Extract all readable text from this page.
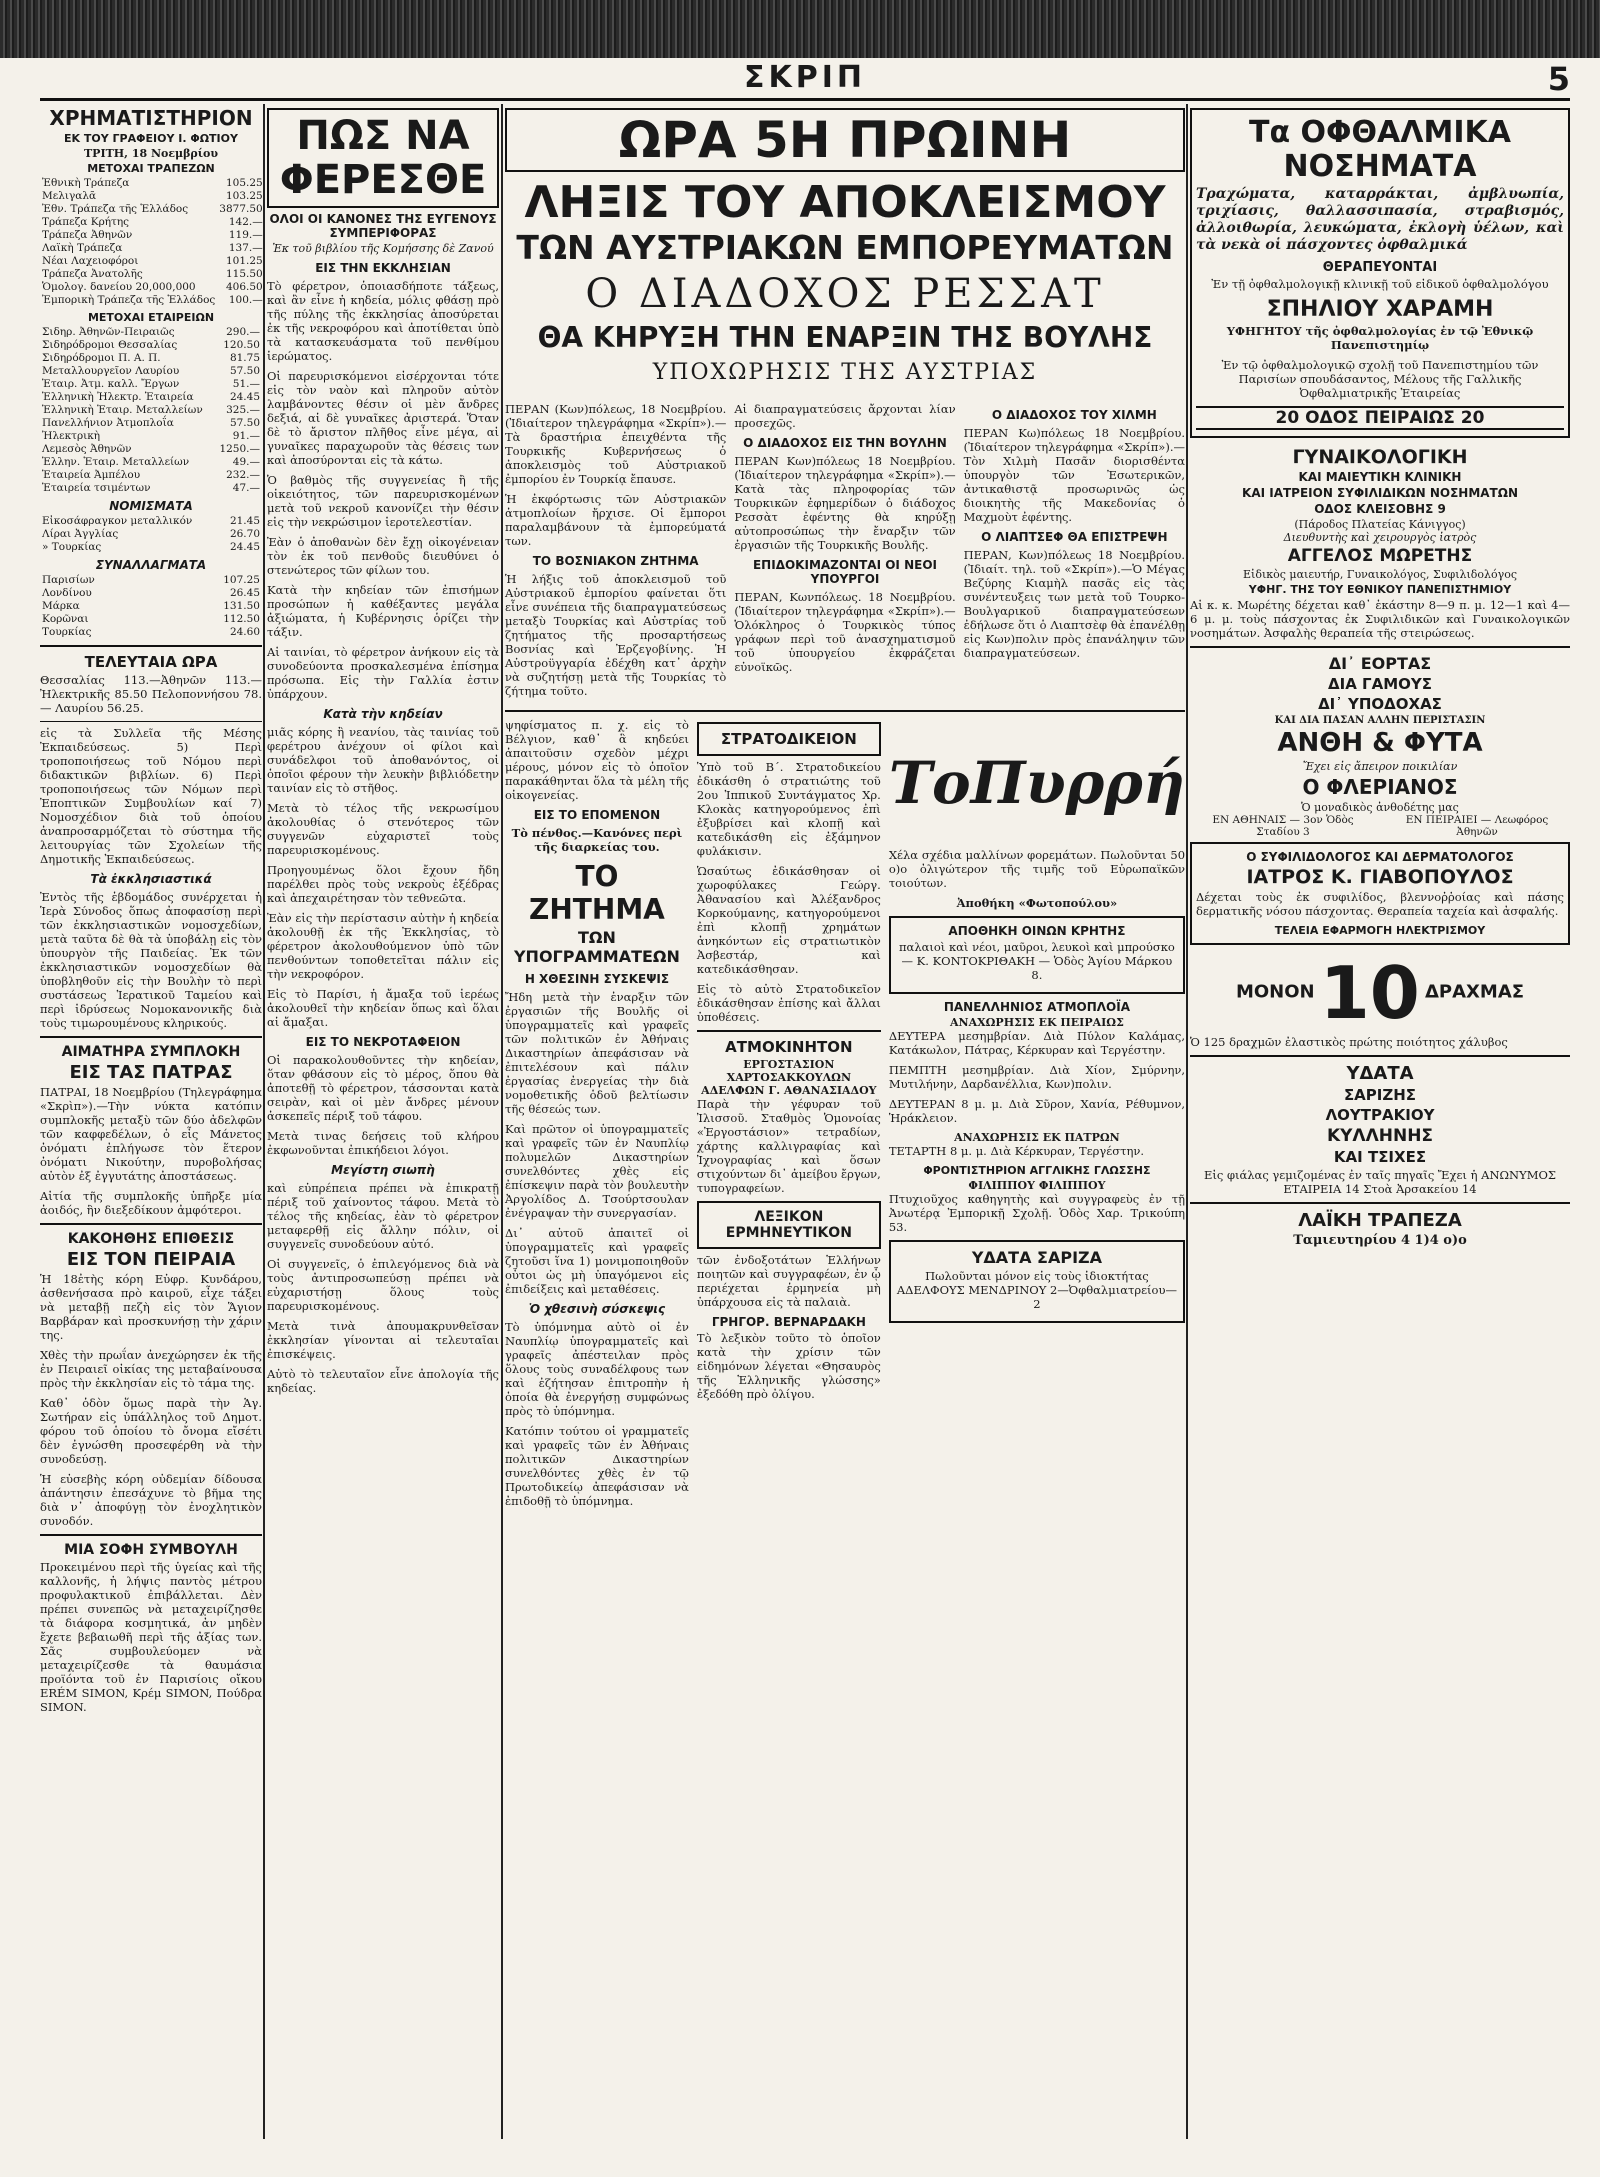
ΣΚΡΙΠ	5
ΧΡΗΜΑΤΙΣΤΗΡΙΟΝ
ΕΚ ΤΟΥ ΓΡΑΦΕΙΟΥ Ι. ΦΩΤΙΟΥ
ΤΡΙΤΗ, 18 Νοεμβρίου
ΜΕΤΟΧΑΙ ΤΡΑΠΕΖΩΝ
Ἐθνικὴ Τράπεζα	105.25
Μελιγαλᾶ	103.25
Ἐθν. Τράπεζα τῆς Ἑλλάδος	3877.50
Τράπεζα Κρήτης	142.—
Τράπεζα Ἀθηνῶν	119.—
Λαϊκὴ Τράπεζα	137.—
Νέαι Λαχειοφόροι	101.25
Τράπεζα Ἀνατολῆς	115.50
Ὁμολογ. δανείου 20,000,000	406.50
Ἐμπορικὴ Τράπεζα τῆς Ἑλλάδος	100.—
ΜΕΤΟΧΑΙ ΕΤΑΙΡΕΙΩΝ
Σιδηρ. Ἀθηνῶν-Πειραιῶς	290.—
Σιδηρόδρομοι Θεσσαλίας	120.50
Σιδηρόδρομοι Π. Α. Π.	81.75
Μεταλλουργεῖον Λαυρίου	57.50
Ἑταιρ. Ἀτμ. καλλ. Ἔργων	51.—
Ἑλληνικὴ Ἠλεκτρ. Ἑταιρεία	24.45
Ἑλληνικὴ Ἑταιρ. Μεταλλείων	325.—
Πανελλήνιον Ἀτμοπλοΐα	57.50
Ἠλεκτρικὴ	91.—
Λεμεσὸς Ἀθηνῶν	1250.—
Ἑλλην. Ἑταιρ. Μεταλλείων	49.—
Ἑταιρεία Ἀμπέλου	232.—
Ἑταιρεία τσιμέντων	47.—
ΝΟΜΙΣΜΑΤΑ
Εἰκοσάφραγκον μεταλλικόν	21.45
Λίραι Ἀγγλίας	26.70
» Τουρκίας	24.45
ΣΥΝΑΛΛΑΓΜΑΤΑ
Παρισίων	107.25
Λονδίνου	26.45
Μάρκα	131.50
Κορῶναι	112.50
Τουρκίας	24.60
ΤΕΛΕΥΤΑΙΑ ΩΡΑ

Θεσσαλίας 113.—Ἀθηνῶν 113.— Ἠλεκτρικῆς 85.50 Πελοποννήσου 78.— Λαυρίου 56.25.

εἰς τὰ Συλλεῖα τῆς Μέσης Ἐκπαιδεύσεως. 5) Περὶ τροποποιήσεως τοῦ Νόμου περὶ διδακτικῶν βιβλίων. 6) Περὶ τροποποιήσεως τῶν Νόμων περὶ Ἐποπτικῶν Συμβουλίων καί 7) Νομοσχέδιον διὰ τοῦ ὁποίου ἀναπροσαρμόζεται τὸ σύστημα τῆς λειτουργίας τῶν Σχολείων τῆς Δημοτικῆς Ἐκπαιδεύσεως.

Τὰ ἐκκλησιαστικά

Ἐντὸς τῆς ἑβδομάδος συνέρχεται ἡ Ἱερὰ Σύνοδος ὅπως ἀποφασίσῃ περὶ τῶν ἐκκλησιαστικῶν νομοσχεδίων, μετὰ ταῦτα δὲ θὰ τὰ ὑποβάλῃ εἰς τὸν ὑπουργὸν τῆς Παιδείας. Ἐκ τῶν ἐκκλησιαστικῶν νομοσχεδίων θὰ ὑποβληθοῦν εἰς τὴν Βουλὴν τὸ περὶ συστάσεως Ἱερατικοῦ Ταμείου καὶ περὶ ἱδρύσεως Νομοκανονικῆς διὰ τοὺς τιμωρουμένους κληρικούς.

ΑΙΜΑΤΗΡΑ ΣΥΜΠΛΟΚΗ
ΕΙΣ ΤΑΣ ΠΑΤΡΑΣ

ΠΑΤΡΑΙ, 18 Νοεμβρίου (Τηλεγράφημα «Σκρὶπ»).—Τὴν νύκτα κατόπιν συμπλοκῆς μεταξὺ τῶν δύο ἀδελφῶν τῶν καφφεδέλων, ὁ εἷς Μάνετος ὀνόματι ἐπλήγωσε τὸν ἕτερον ὀνόματι Νικούτην, πυροβολήσας αὐτὸν ἐξ ἐγγυτάτης ἀποστάσεως.

Αἰτία τῆς συμπλοκῆς ὑπῆρξε μία ἀοιδός, ἣν διεξεδίκουν ἀμφότεροι.

ΚΑΚΟΗΘΗΣ ΕΠΙΘΕΣΙΣ
ΕΙΣ ΤΟΝ ΠΕΙΡΑΙΑ

Ἡ 18ἐτὴς κόρη Εὐφρ. Κυνδάρου, ἀσθενήσασα πρὸ καιροῦ, εἶχε τάξει νὰ μεταβῇ πεζὴ εἰς τὸν Ἅγιον Βαρβάραν καὶ προσκυνήσῃ τὴν χάριν της.

Χθὲς τὴν πρωΐαν ἀνεχώρησεν ἐκ τῆς ἐν Πειραιεῖ οἰκίας της μεταβαίνουσα πρὸς τὴν ἐκκλησίαν εἰς τὸ τάμα της.

Καθ᾽ ὁδὸν ὅμως παρὰ τὴν Ἁγ. Σωτήραν εἰς ὑπάλληλος τοῦ Δημοτ. φόρου τοῦ ὁποίου τὸ ὄνομα εἴσέτι δὲν ἐγνώσθη προσεφέρθη νὰ τὴν συνοδεύσῃ.

Ἡ εὐσεβὴς κόρη οὐδεμίαν δίδουσα ἀπάντησιν ἐπεσάχυνε τὸ βῆμα της διὰ ν᾽ ἀποφύγῃ τὸν ἐνοχλητικὸν συνοδόν.

ΜΙΑ ΣΟΦΗ ΣΥΜΒΟΥΛΗ

Προκειμένου περὶ τῆς ὑγείας καὶ τῆς καλλονῆς, ἡ λήψις παντὸς μέτρου προφυλακτικοῦ ἐπιβάλλεται. Δὲν πρέπει συνεπῶς νὰ μεταχειρίζησθε τὰ διάφορα κοσμητικά, ἀν μηδὲν ἔχετε βεβαιωθῆ περὶ τῆς ἀξίας των. Σᾶς συμβουλεύομεν νὰ μεταχειρίζεσθε τὰ θαυμάσια προϊόντα τοῦ ἐν Παρισίοις οἴκου ERÉM SIMON, Κρέμ SIMON, Πούδρα SIMON.

ΠΩΣ ΝΑ ΦΕΡΕΣΘΕ
ΟΛΟΙ ΟΙ ΚΑΝΟΝΕΣ ΤΗΣ ΕΥΓΕΝΟΥΣ ΣΥΜΠΕΡΙΦΟΡΑΣ
Ἐκ τοῦ βιβλίου τῆς Κομήσσης δὲ Ζανού
ΕΙΣ ΤΗΝ ΕΚΚΛΗΣΙΑΝ

Τὸ φέρετρον, ὁποιασδήποτε τάξεως, καὶ ἂν εἶνε ἡ κηδεία, μόλις φθάσῃ πρὸ τῆς πύλης τῆς ἐκκλησίας ἀποσύρεται ἐκ τῆς νεκροφόρου καὶ ἀποτίθεται ὑπὸ τὰ κατασκευάσματα τοῦ πενθίμου ἱερώματος.

Οἱ παρευρισκόμενοι εἰσέρχονται τότε εἰς τὸν ναὸν καὶ πληροῦν αὐτὸν λαμβάνοντες θέσιν οἱ μὲν ἄνδρες δεξιά, αἱ δὲ γυναῖκες ἀριστερά. Ὅταν δὲ τὸ ἄριστον πλῆθος εἶνε μέγα, αἱ γυναῖκες παραχωροῦν τὰς θέσεις των καὶ ἀποσύρονται εἰς τὰ κάτω.

Ὁ βαθμὸς τῆς συγγενείας ἢ τῆς οἰκειότητος, τῶν παρευρισκομένων μετὰ τοῦ νεκροῦ κανονίζει τὴν θέσιν εἰς τὴν νεκρώσιμον ἱεροτελεστίαν.

Ἐὰν ὁ ἀποθανὼν δὲν ἔχῃ οἰκογένειαν τὸν ἐκ τοῦ πενθοῦς διευθύνει ὁ στενώτερος τῶν φίλων του.

Κατὰ τὴν κηδείαν τῶν ἐπισήμων προσώπων ἡ καθέξαντες μεγάλα ἀξιώματα, ἡ Κυβέρνησις ὁρίζει τὴν τάξιν.

Αἱ ταινίαι, τὸ φέρετρον ἀνήκουν εἰς τὰ συνοδεύοντα προσκαλεσμένα ἐπίσημα πρόσωπα. Εἰς τὴν Γαλλία ἐστιν ὑπάρχουν.

Κατὰ τὴν κηδείαν

μιᾶς κόρης ἢ νεανίου, τὰς ταινίας τοῦ φερέτρου ἀνέχουν οἱ φίλοι καὶ συνάδελφοι τοῦ ἀποθανόντος, οἱ ὁποῖοι φέρουν τὴν λευκὴν βιβλιόδετην ταινίαν εἰς τὸ στῆθος.

Μετὰ τὸ τέλος τῆς νεκρωσίμου ἀκολουθίας ὁ στενότερος τῶν συγγενῶν εὐχαριστεῖ τοὺς παρευρισκομένους.

Προηγουμένως ὅλοι ἔχουν ἤδη παρέλθει πρὸς τοὺς νεκροὺς ἐξέδρας καὶ ἀπεχαιρέτησαν τὸν τεθνεῶτα.

Ἐὰν εἰς τὴν περίστασιν αὐτὴν ἡ κηδεία ἀκολουθῇ ἐκ τῆς Ἐκκλησίας, τὸ φέρετρον ἀκολουθούμενον ὑπὸ τῶν πενθούντων τοποθετεῖται πάλιν εἰς τὴν νεκροφόρον.

Εἰς τὸ Παρίσι, ἡ ἄμαξα τοῦ ἱερέως ἀκολουθεῖ τὴν κηδείαν ὅπως καὶ ὅλαι αἱ ἄμαξαι.

ΕΙΣ ΤΟ ΝΕΚΡΟΤΑΦΕΙΟΝ

Οἱ παρακολουθοῦντες τὴν κηδείαν, ὅταν φθάσουν εἰς τὸ μέρος, ὅπου θὰ ἀποτεθῇ τὸ φέρετρον, τάσσονται κατὰ σειρὰν, καὶ οἱ μὲν ἄνδρες μένουν ἀσκεπεῖς πέριξ τοῦ τάφου.

Μετὰ τινας δεήσεις τοῦ κλήρου ἐκφωνοῦνται ἐπικήδειοι λόγοι.

Μεγίστη σιωπὴ

καὶ εὐπρέπεια πρέπει νὰ ἐπικρατῇ πέριξ τοῦ χαίνοντος τάφου. Μετὰ τὸ τέλος τῆς κηδείας, ἐὰν τὸ φέρετρον μεταφερθῇ εἰς ἄλλην πόλιν, οἱ συγγενεῖς συνοδεύουν αὐτό.

Οἱ συγγενεῖς, ὁ ἐπιλεγόμενος διὰ νὰ τοὺς ἀντιπροσωπεύσῃ πρέπει νὰ εὐχαριστήσῃ ὅλους τοὺς παρευρισκομένους.

Μετὰ τινὰ ἀπουμακρυνθεῖσαν ἐκκλησίαν γίνονται αἱ τελευταῖαι ἐπισκέψεις.

Αὐτὸ τὸ τελευταῖον εἶνε ἀπολογία τῆς κηδείας.

ΩΡΑ 5Η ΠΡΩΙΝΗ
ΛΗΞΙΣ ΤΟΥ ΑΠΟΚΛΕΙΣΜΟΥ
ΤΩΝ ΑΥΣΤΡΙΑΚΩΝ ΕΜΠΟΡΕΥΜΑΤΩΝ
Ο ΔΙΑΔΟΧΟΣ ΡΕΣΣΑΤ
ΘΑ ΚΗΡΥΞΗ ΤΗΝ ΕΝΑΡΞΙΝ ΤΗΣ ΒΟΥΛΗΣ
ΥΠΟΧΩΡΗΣΙΣ ΤΗΣ ΑΥΣΤΡΙΑΣ

ΠΕΡΑΝ (Κων)πόλεως, 18 Νοεμβρίου. (Ἰδιαίτερον τηλεγράφημα «Σκρίπ»).—Τὰ δραστήρια ἐπειχθέντα τῆς Τουρκικῆς Κυβερνήσεως ὁ ἀποκλεισμὸς τοῦ Αὐστριακοῦ ἐμπορίου ἐν Τουρκίᾳ ἔπαυσε.

Ἡ ἐκφόρτωσις τῶν Αὐστριακῶν ἀτμοπλοίων ἤρχισε. Οἱ ἔμποροι παραλαμβάνουν τὰ ἐμπορεύματά των.

ΤΟ ΒΟΣΝΙΑΚΟΝ ΖΗΤΗΜΑ

Ἡ λήξις τοῦ ἀποκλεισμοῦ τοῦ Αὐστριακοῦ ἐμπορίου φαίνεται ὅτι εἶνε συνέπεια τῆς διαπραγματεύσεως μεταξὺ Τουρκίας καὶ Αὐστρίας τοῦ ζητήματος τῆς προσαρτήσεως Βοσνίας καὶ Ἐρζεγοβίνης. Ἡ Αὐστροϋγγαρία ἐδέχθη κατ᾽ ἀρχὴν νὰ συζητήσῃ μετὰ τῆς Τουρκίας τὸ ζήτημα τοῦτο.

Αἱ διαπραγματεύσεις ἄρχονται λίαν προσεχῶς.

Ο ΔΙΑΔΟΧΟΣ ΕΙΣ ΤΗΝ ΒΟΥΛΗΝ

ΠΕΡΑΝ Κων)πόλεως 18 Νοεμβρίου. (Ἰδιαίτερον τηλεγράφημα «Σκρίπ»).—Κατὰ τὰς πληροφορίας τῶν Τουρκικῶν ἐφημερίδων ὁ διάδοχος Ρεσσὰτ ἐφέντης θὰ κηρύξῃ αὐτοπροσώπως τὴν ἔναρξιν τῶν ἐργασιῶν τῆς Τουρκικῆς Βουλῆς.

ΕΠΙΔΟΚΙΜΑΖΟΝΤΑΙ ΟΙ ΝΕΟΙ ΥΠΟΥΡΓΟΙ

ΠΕΡΑΝ, Κωνπόλεως. 18 Νοεμβρίου. (Ἰδιαίτερον τηλεγράφημα «Σκρίπ»).—Ὁλόκληρος ὁ Τουρκικὸς τύπος γράφων περὶ τοῦ ἀνασχηματισμοῦ τοῦ ὑπουργείου ἐκφράζεται εὐνοϊκῶς.

Ο ΔΙΑΔΟΧΟΣ ΤΟΥ ΧΙΛΜΗ

ΠΕΡΑΝ Κω)πόλεως 18 Νοεμβρίου. (Ἰδιαίτερον τηλεγράφημα «Σκρίπ»).—Τὸν Χιλμὴ Πασᾶν διορισθέντα ὑπουργὸν τῶν Ἐσωτερικῶν, ἀντικαθιστᾷ προσωρινῶς ὡς διοικητὴς τῆς Μακεδονίας ὁ Μαχμοὺτ ἐφέντης.

Ο ΛΙΑΠΤΣΕΦ ΘΑ ΕΠΙΣΤΡΕΨΗ

ΠΕΡΑΝ, Κων)πόλεως 18 Νοεμβρίου. (Ἰδιαίτ. τηλ. τοῦ «Σκρίπ»).—Ὁ Μέγας Βεζύρης Κιαμὴλ πασᾶς εἰς τὰς συνέντευξεις των μετὰ τοῦ Τουρκο-Βουλγαρικοῦ διαπραγματεύσεων ἐδήλωσε ὅτι ὁ Λιαπτσὲφ θὰ ἐπανέλθῃ εἰς Κων)πολιν πρὸς ἐπανάληψιν τῶν διαπραγματεύσεων.

ψηφίσματος π. χ. εἰς τὸ Βέλγιον, καθ᾽ ἃ κηδεύει ἀπαιτοῦσιν σχεδὸν μέχρι μέρους, μόνον εἰς τὸ ὁποῖον παρακάθηνται ὅλα τὰ μέλη τῆς οἰκογενείας.

ΕΙΣ ΤΟ ΕΠΟΜΕΝΟΝ

Τὸ πένθος.—Κανόνες περὶ τῆς διαρκείας του.

ΤΟ ΖΗΤΗΜΑ
ΤΩΝ ΥΠΟΓΡΑΜΜΑΤΕΩΝ
Η ΧΘΕΣΙΝΗ ΣΥΣΚΕΨΙΣ

Ἤδη μετὰ τὴν ἐναρξιν τῶν ἐργασιῶν τῆς Βουλῆς οἱ ὑπογραμματεῖς καὶ γραφεῖς τῶν πολιτικῶν ἐν Ἀθήναις Δικαστηρίων ἀπεφάσισαν νὰ ἐπιτελέσουν καὶ πάλιν ἐργασίας ἐνεργείας τὴν διὰ νομοθετικῆς ὁδοῦ βελτίωσιν τῆς θέσεώς των.

Καὶ πρῶτον οἱ ὑπογραμματεῖς καὶ γραφεῖς τῶν ἐν Ναυπλίῳ πολυμελῶν Δικαστηρίων συνελθόντες χθὲς εἰς ἐπίσκεψιν παρὰ τὸν βουλευτὴν Ἀργολίδος Δ. Τσούρτσουλαν ἐνέγραψαν τὴν συνεργασίαν.

Δι᾽ αὐτοῦ ἀπαιτεῖ οἱ ὑπογραμματεῖς καὶ γραφεῖς ζητοῦσι ἵνα 1) μονιμοποιηθοῦν οὗτοι ὡς μὴ ὑπαγόμενοι εἰς ἐπιδείξεις καὶ μεταθέσεις.

Ὁ χθεσινὴ σύσκεψις

Τὸ ὑπόμνημα αὐτὸ οἱ ἐν Ναυπλίῳ ὑπογραμματεῖς καὶ γραφεῖς ἀπέστειλαν πρὸς ὅλους τοὺς συναδέλφους των καὶ ἐζήτησαν ἐπιτροπὴν ἡ ὁποία θὰ ἐνεργήσῃ συμφώνως πρὸς τὸ ὑπόμνημα.

Κατόπιν τούτου οἱ γραμματεῖς καὶ γραφεῖς τῶν ἐν Ἀθήναις πολιτικῶν Δικαστηρίων συνελθόντες χθὲς ἐν τῷ Πρωτοδικείῳ ἀπεφάσισαν νὰ ἐπιδοθῇ τὸ ὑπόμνημα.

ΣΤΡΑΤΟΔΙΚΕΙΟΝ

Ὑπὸ τοῦ Β΄. Στρατοδικείου ἐδικάσθη ὁ στρατιώτης τοῦ 2ου Ἱππικοῦ Συντάγματος Χρ. Κλοκὰς κατηγορούμενος ἐπὶ ἐξυβρίσει καὶ κλοπῇ καὶ κατεδικάσθη εἰς ἐξάμηνον φυλάκισιν.

Ὡσαύτως ἐδικάσθησαν οἱ χωροφύλακες Γεώργ. Ἀθανασίου καὶ Ἀλέξανδρος Κορκούμανης, κατηγορούμενοι ἐπὶ κλοπῇ χρημάτων ἀνηκόντων εἰς στρατιωτικὸν Ἀσβεστάρ, καὶ κατεδικάσθησαν.

Εἰς τὸ αὐτὸ Στρατοδικεῖον ἐδικάσθησαν ἐπίσης καὶ ἄλλαι ὑποθέσεις.

ΑΤΜΟΚΙΝΗΤΟΝ
ΕΡΓΟΣΤΑΣΙΟΝ ΧΑΡΤΟΣΑΚΚΟΥΛΩΝ ΑΔΕΛΦΩΝ Γ. ΑΘΑΝΑΣΙΑΔΟΥ

Παρὰ τὴν γέφυραν τοῦ Ἰλισσοῦ. Σταθμὸς Ὁμονοίας «Ἐργοστάσιον» τετραδίων, χάρτης καλλιγραφίας καὶ Ἰχνογραφίας καὶ ὅσων στιχούντων δι᾽ ἀμείβου ἔργων, τυπογραφείων.

ΛΕΞΙΚΟΝ ΕΡΜΗΝΕΥΤΙΚΟΝ

τῶν ἐνδοξοτάτων Ἑλλήνων ποιητῶν καὶ συγγραφέων, ἐν ᾧ περιέχεται ἑρμηνεία μὴ ὑπάρχουσα εἰς τὰ παλαιὰ.

ΓΡΗΓΟΡ. ΒΕΡΝΑΡΔΑΚΗ

Τὸ λεξικὸν τοῦτο τὸ ὁποῖον κατὰ τὴν χρίσιν τῶν εἰδημόνων λέγεται «Θησαυρὸς τῆς Ἑλληνικῆς γλώσσης» ἐξεδόθη πρὸ ὀλίγου.

ΤοΠυρρή

Χέλα σχέδια μαλλίνων φορεμάτων. Πωλοῦνται 50 ο)ο ὀλιγώτερον τῆς τιμῆς τοῦ Εὐρωπαϊκῶν τοιούτων.

Ἀποθήκη «Φωτοπούλου»

ΑΠΟΘΗΚΗ ΟΙΝΩΝ ΚΡΗΤΗΣ

παλαιοὶ καὶ νέοι, μαῦροι, λευκοὶ καὶ μπρούσκο — Κ. ΚΟΝΤΟΚΡΙΘΑΚΗ — Ὁδὸς Ἁγίου Μάρκου 8.

ΠΑΝΕΛΛΗΝΙΟΣ ΑΤΜΟΠΛΟΪΑ
ΑΝΑΧΩΡΗΣΙΣ ΕΚ ΠΕΙΡΑΙΩΣ

ΔΕΥΤΕΡΑ μεσημβρίαν. Διὰ Πύλον Καλάμας, Κατάκωλον, Πάτρας, Κέρκυραν καὶ Τεργέστην.

ΠΕΜΠΤΗ μεσημβρίαν. Διὰ Χίον, Σμύρνην, Μυτιλήνην, Δαρδανέλλια, Κων)πολιν.

ΔΕΥΤΕΡΑΝ 8 μ. μ. Διὰ Σῦρον, Χανία, Ρέθυμνον, Ἡράκλειον.

ΑΝΑΧΩΡΗΣΙΣ ΕΚ ΠΑΤΡΩΝ

ΤΕΤΑΡΤΗ 8 μ. μ. Διὰ Κέρκυραν, Τεργέστην.

ΦΡΟΝΤΙΣΤΗΡΙΟΝ ΑΓΓΛΙΚΗΣ ΓΛΩΣΣΗΣ
ΦΙΛΙΠΠΟΥ ΦΙΛΙΠΠΟΥ

Πτυχιοῦχος καθηγητὴς καὶ συγγραφεὺς ἐν τῇ Ἀνωτέρᾳ Ἐμπορικῇ Σχολῇ. Ὁδὸς Χαρ. Τρικούπη 53.

ΥΔΑΤΑ ΣΑΡΙΖΑ

Πωλοῦνται μόνον εἰς τοὺς ἰδιοκτήτας ΑΔΕΛΦΟΥΣ ΜΕΝΔΡΙΝΟΥ 2—Ὀφθαλμιατρείου—2

Τα ΟΦΘΑΛΜΙΚΑ ΝΟΣΗΜΑΤΑ

Τραχώματα, καταρράκται, ἀμβλυωπία, τριχίασις, θαλλασσιπασία, στραβισμός, ἀλλοιθωρία, λευκώματα, ἐκλογὴ ὑέλων, καὶ τὰ νεκὰ οἱ πάσχοντες ὀφθαλμικά

ΘΕΡΑΠΕΥΟΝΤΑΙ

Ἐν τῇ ὀφθαλμολογικῇ κλινικῇ τοῦ εἰδικοῦ ὀφθαλμολόγου

ΣΠΗΛΙΟΥ ΧΑΡΑΜΗ

ΥΦΗΓΗΤΟΥ τῆς ὀφθαλμολογίας ἐν τῷ Ἐθνικῷ Πανεπιστημίῳ

Ἐν τῷ ὀφθαλμολογικῷ σχολῇ τοῦ Πανεπιστημίου τῶν Παρισίων σπουδάσαντος, Μέλους τῆς Γαλλικῆς Ὀφθαλμιατρικῆς Ἑταιρείας

20 ΟΔΟΣ ΠΕΙΡΑΙΩΣ 20
ΓΥΝΑΙΚΟΛΟΓΙΚΗ
ΚΑΙ ΜΑΙΕΥΤΙΚΗ ΚΛΙΝΙΚΗ
ΚΑΙ ΙΑΤΡΕΙΟΝ ΣΥΦΙΛΙΔΙΚΩΝ ΝΟΣΗΜΑΤΩΝ
ΟΔΟΣ ΚΛΕΙΣΟΒΗΣ 9
(Πάροδος Πλατείας Κάνιγγος)
Διευθυντὴς καὶ χειρουργὸς ἰατρὸς
ΑΓΓΕΛΟΣ ΜΩΡΕΤΗΣ
Εἰδικὸς μαιευτήρ, Γυναικολόγος, Συφιλιδολόγος
ΥΦΗΓ. ΤΗΣ ΤΟΥ ΕΘΝΙΚΟΥ ΠΑΝΕΠΙΣΤΗΜΙΟΥ

Αἱ κ. κ. Μωρέτης δέχεται καθ᾽ ἑκάστην 8—9 π. μ. 12—1 καὶ 4—6 μ. μ. τοὺς πάσχοντας ἐκ Συφιλιδικῶν καὶ Γυναικολογικῶν νοσημάτων. Ἀσφαλὴς θεραπεία τῆς στειρώσεως.

ΔΙ᾽ ΕΟΡΤΑΣ
ΔΙΑ ΓΑΜΟΥΣ
ΔΙ᾽ ΥΠΟΔΟΧΑΣ
ΚΑΙ ΔΙΑ ΠΑΣΑΝ ΑΛΛΗΝ ΠΕΡΙΣΤΑΣΙΝ
ΑΝΘΗ & ΦΥΤΑ
Ἔχει εἰς ἄπειρον ποικιλίαν
Ο ΦΛΕΡΙΑΝΟΣ
Ὁ μοναδικὸς ἀνθοδέτης μας
ΕΝ ΑΘΗΝΑΙΣ — 3ον Ὁδὸς Σταδίου 3
ΕΝ ΠΕΙΡΑΙΕΙ — Λεωφόρος Ἀθηνῶν
Ο ΣΥΦΙΛΙΔΟΛΟΓΟΣ ΚΑΙ ΔΕΡΜΑΤΟΛΟΓΟΣ
ΙΑΤΡΟΣ Κ. ΓΙΑΒΟΠΟΥΛΟΣ

Δέχεται τοὺς ἐκ συφιλίδος, βλεννοῤῥοίας καὶ πάσης δερματικῆς νόσου πάσχοντας. Θεραπεία ταχεία καὶ ἀσφαλής.

ΤΕΛΕΙΑ ΕΦΑΡΜΟΓΗ ΗΛΕΚΤΡΙΣΜΟΥ
ΜΟΝΟΝ 10 ΔΡΑΧΜΑΣ

Ὁ 125 δραχμῶν ἐλαστικὸς πρώτης ποιότητος χάλυβος

ΥΔΑΤΑ
ΣΑΡΙΖΗΣ
ΛΟΥΤΡΑΚΙΟΥ
ΚΥΛΛΗΝΗΣ
ΚΑΙ ΤΣΙΧΕΣ

Εἰς φιάλας γεμιζομένας ἐν ταῖς πηγαῖς Ἔχει ἡ ΑΝΩΝΥΜΟΣ ΕΤΑΙΡΕΙΑ 14 Στοὰ Ἀρσακείου 14

ΛΑΪΚΗ ΤΡΑΠΕΖΑ
Ταμιευτηρίου 4 1)4 ο)ο
